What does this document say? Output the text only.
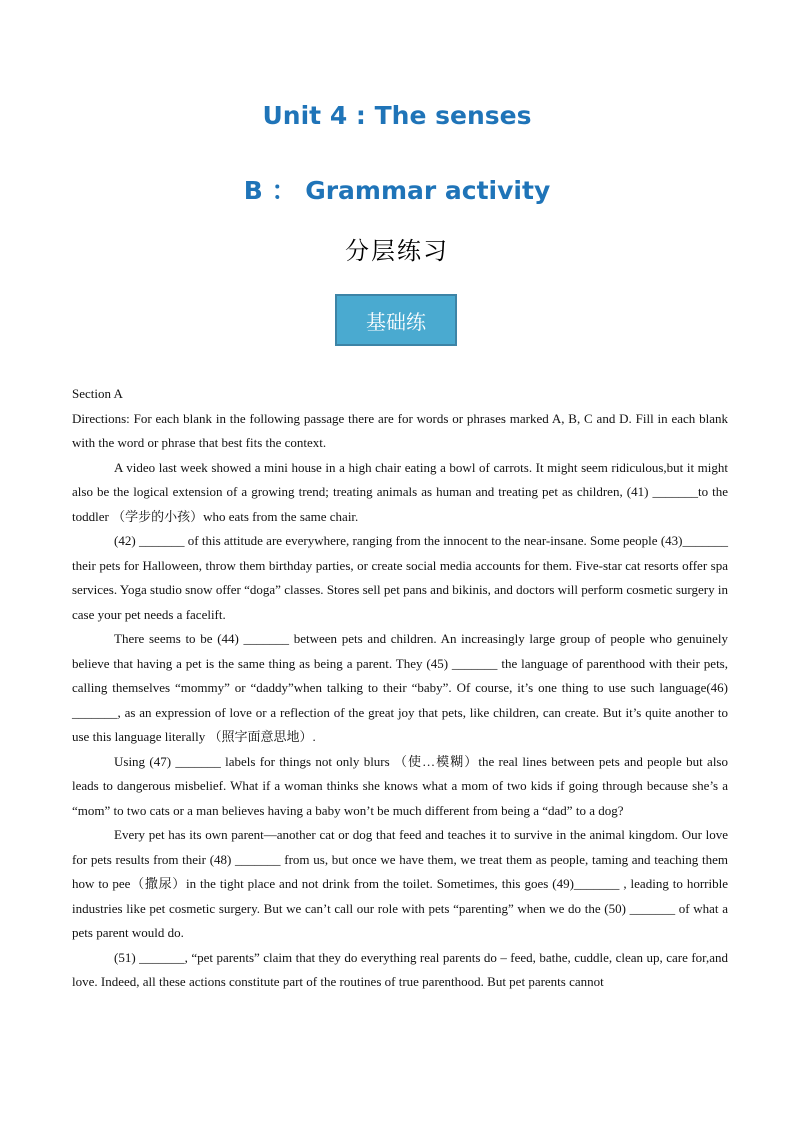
Unit 4 : The senses
B ： Grammar activity
分层练习
基础练

Section A

Directions: For each blank in the following passage there are for words or phrases marked A, B, C and D. Fill in each blank with the word or phrase that best fits the context.

A video last week showed a mini house in a high chair eating a bowl of carrots. It might seem ridiculous,but it might also be the logical extension of a growing trend; treating animals as human and treating pet as children, (41) _______to the toddler （学步的小孩）who eats from the same chair.

(42) _______ of this attitude are everywhere, ranging from the innocent to the near-insane. Some people (43)_______ their pets for Halloween, throw them birthday parties, or create social media accounts for them. Five-star cat resorts offer spa services. Yoga studio snow offer “doga” classes. Stores sell pet pans and bikinis, and doctors will perform cosmetic surgery in case your pet needs a facelift.

There seems to be (44) _______ between pets and children. An increasingly large group of people who genuinely believe that having a pet is the same thing as being a parent. They (45) _______ the language of parenthood with their pets, calling themselves “mommy” or “daddy”when talking to their “baby”. Of course, it’s one thing to use such language(46) _______, as an expression of love or a reflection of the great joy that pets, like children, can create. But it’s quite another to use this language literally （照字面意思地）.

Using (47) _______ labels for things not only blurs （使…模糊）the real lines between pets and people but also leads to dangerous misbelief. What if a woman thinks she knows what a mom of two kids if going through because she’s a “mom” to two cats or a man believes having a baby won’t be much different from being a “dad” to a dog?

Every pet has its own parent—another cat or dog that feed and teaches it to survive in the animal kingdom. Our love for pets results from their (48) _______ from us, but once we have them, we treat them as people, taming and teaching them how to pee（撒尿）in the tight place and not drink from the toilet. Sometimes, this goes (49)_______ , leading to horrible industries like pet cosmetic surgery. But we can’t call our role with pets “parenting” when we do the (50) _______ of what a pets parent would do.

(51) _______, “pet parents” claim that they do everything real parents do – feed, bathe, cuddle, clean up, care for,and love. Indeed, all these actions constitute part of the routines of true parenthood. But pet parents cannot
